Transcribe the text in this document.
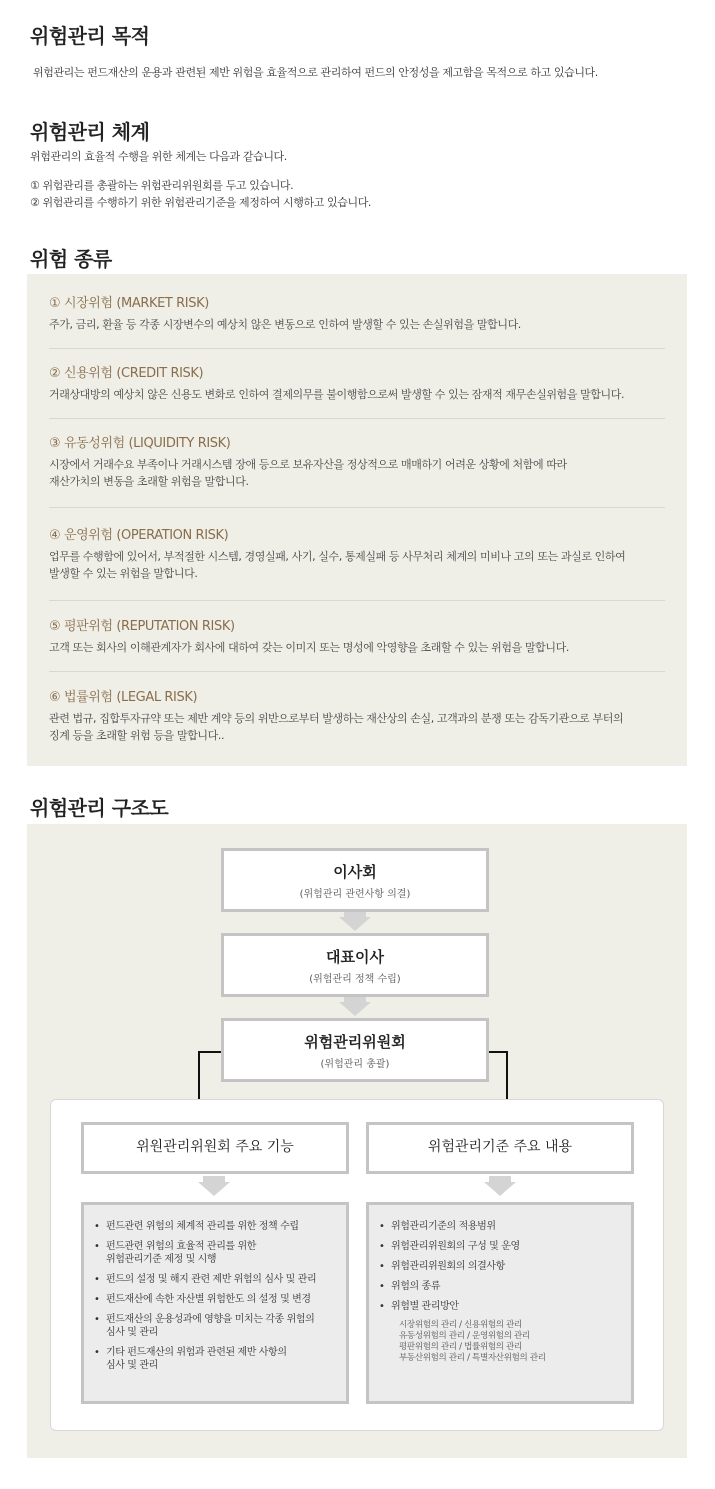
위험관리 목적

위험관리는 펀드재산의 운용과 관련된 제반 위험을 효율적으로 관리하여 펀드의 안정성을 제고함을 목적으로 하고 있습니다.

위험관리 체계

위험관리의 효율적 수행을 위한 체계는 다음과 같습니다.

① 위험관리를 총괄하는 위험관리위원회를 두고 있습니다.
② 위험관리를 수행하기 위한 위험관리기준을 제정하여 시행하고 있습니다.
위험 종류

① 시장위험 (MARKET RISK)

주가, 금리, 환율 등 각종 시장변수의 예상치 않은 변동으로 인하여 발생할 수 있는 손실위험을 말합니다.

② 신용위험 (CREDIT RISK)

거래상대방의 예상치 않은 신용도 변화로 인하여 결제의무를 불이행함으로써 발생할 수 있는 잠재적 재무손실위험을 말합니다.

③ 유동성위험 (LIQUIDITY RISK)

시장에서 거래수요 부족이나 거래시스템 장애 등으로 보유자산을 정상적으로 매매하기 어려운 상황에 처함에 따라

재산가치의 변동을 초래할 위험을 말합니다.

④ 운영위험 (OPERATION RISK)

업무를 수행함에 있어서, 부적절한 시스템, 경영실패, 사기, 실수, 통제실패 등 사무처리 체계의 미비나 고의 또는 과실로 인하여

발생할 수 있는 위험을 말합니다.

⑤ 평판위험 (REPUTATION RISK)

고객 또는 회사의 이해관계자가 회사에 대하여 갖는 이미지 또는 명성에 악영향을 초래할 수 있는 위험을 말합니다.

⑥ 법률위험 (LEGAL RISK)

관련 법규, 집합투자규약 또는 제반 계약 등의 위반으로부터 발생하는 재산상의 손실, 고객과의 분쟁 또는 감독기관으로 부터의

징계 등을 초래할 위험 등을 말합니다..

위험관리 구조도

이사회

(위험관리 관련사항 의결)

대표이사

(위험관리 정책 수립)

위험관리위원회

(위험관리 총괄)

위원관리위원회 주요 기능	위험관리기준 주요 내용
• 펀드관련 위험의 체계적 관리를 위한 정책 수립
• 펀드관련 위험의 효율적 관리를 위한
위험관리기준 제정 및 시행
• 펀드의 설정 및 해지 관련 제반 위험의 심사 및 관리
• 펀드재산에 속한 자산별 위험한도 의 설정 및 변경
• 펀드재산의 운용성과에 영향을 미치는 각종 위험의
심사 및 관리
• 기타 펀드재산의 위험과 관련된 제반 사항의
심사 및 관리
• 위험관리기준의 적용범위
• 위험관리위원회의 구성 및 운영
• 위험관리위원회의 의결사항
• 위험의 종류
• 위험별 관리방안

시장위험의 관리 / 신용위험의 관리

유동성위험의 관리 / 운영위험의 관리

평판위험의 관리 / 법률위험의 관리

부동산위험의 관리 / 특별자산위험의 관리
